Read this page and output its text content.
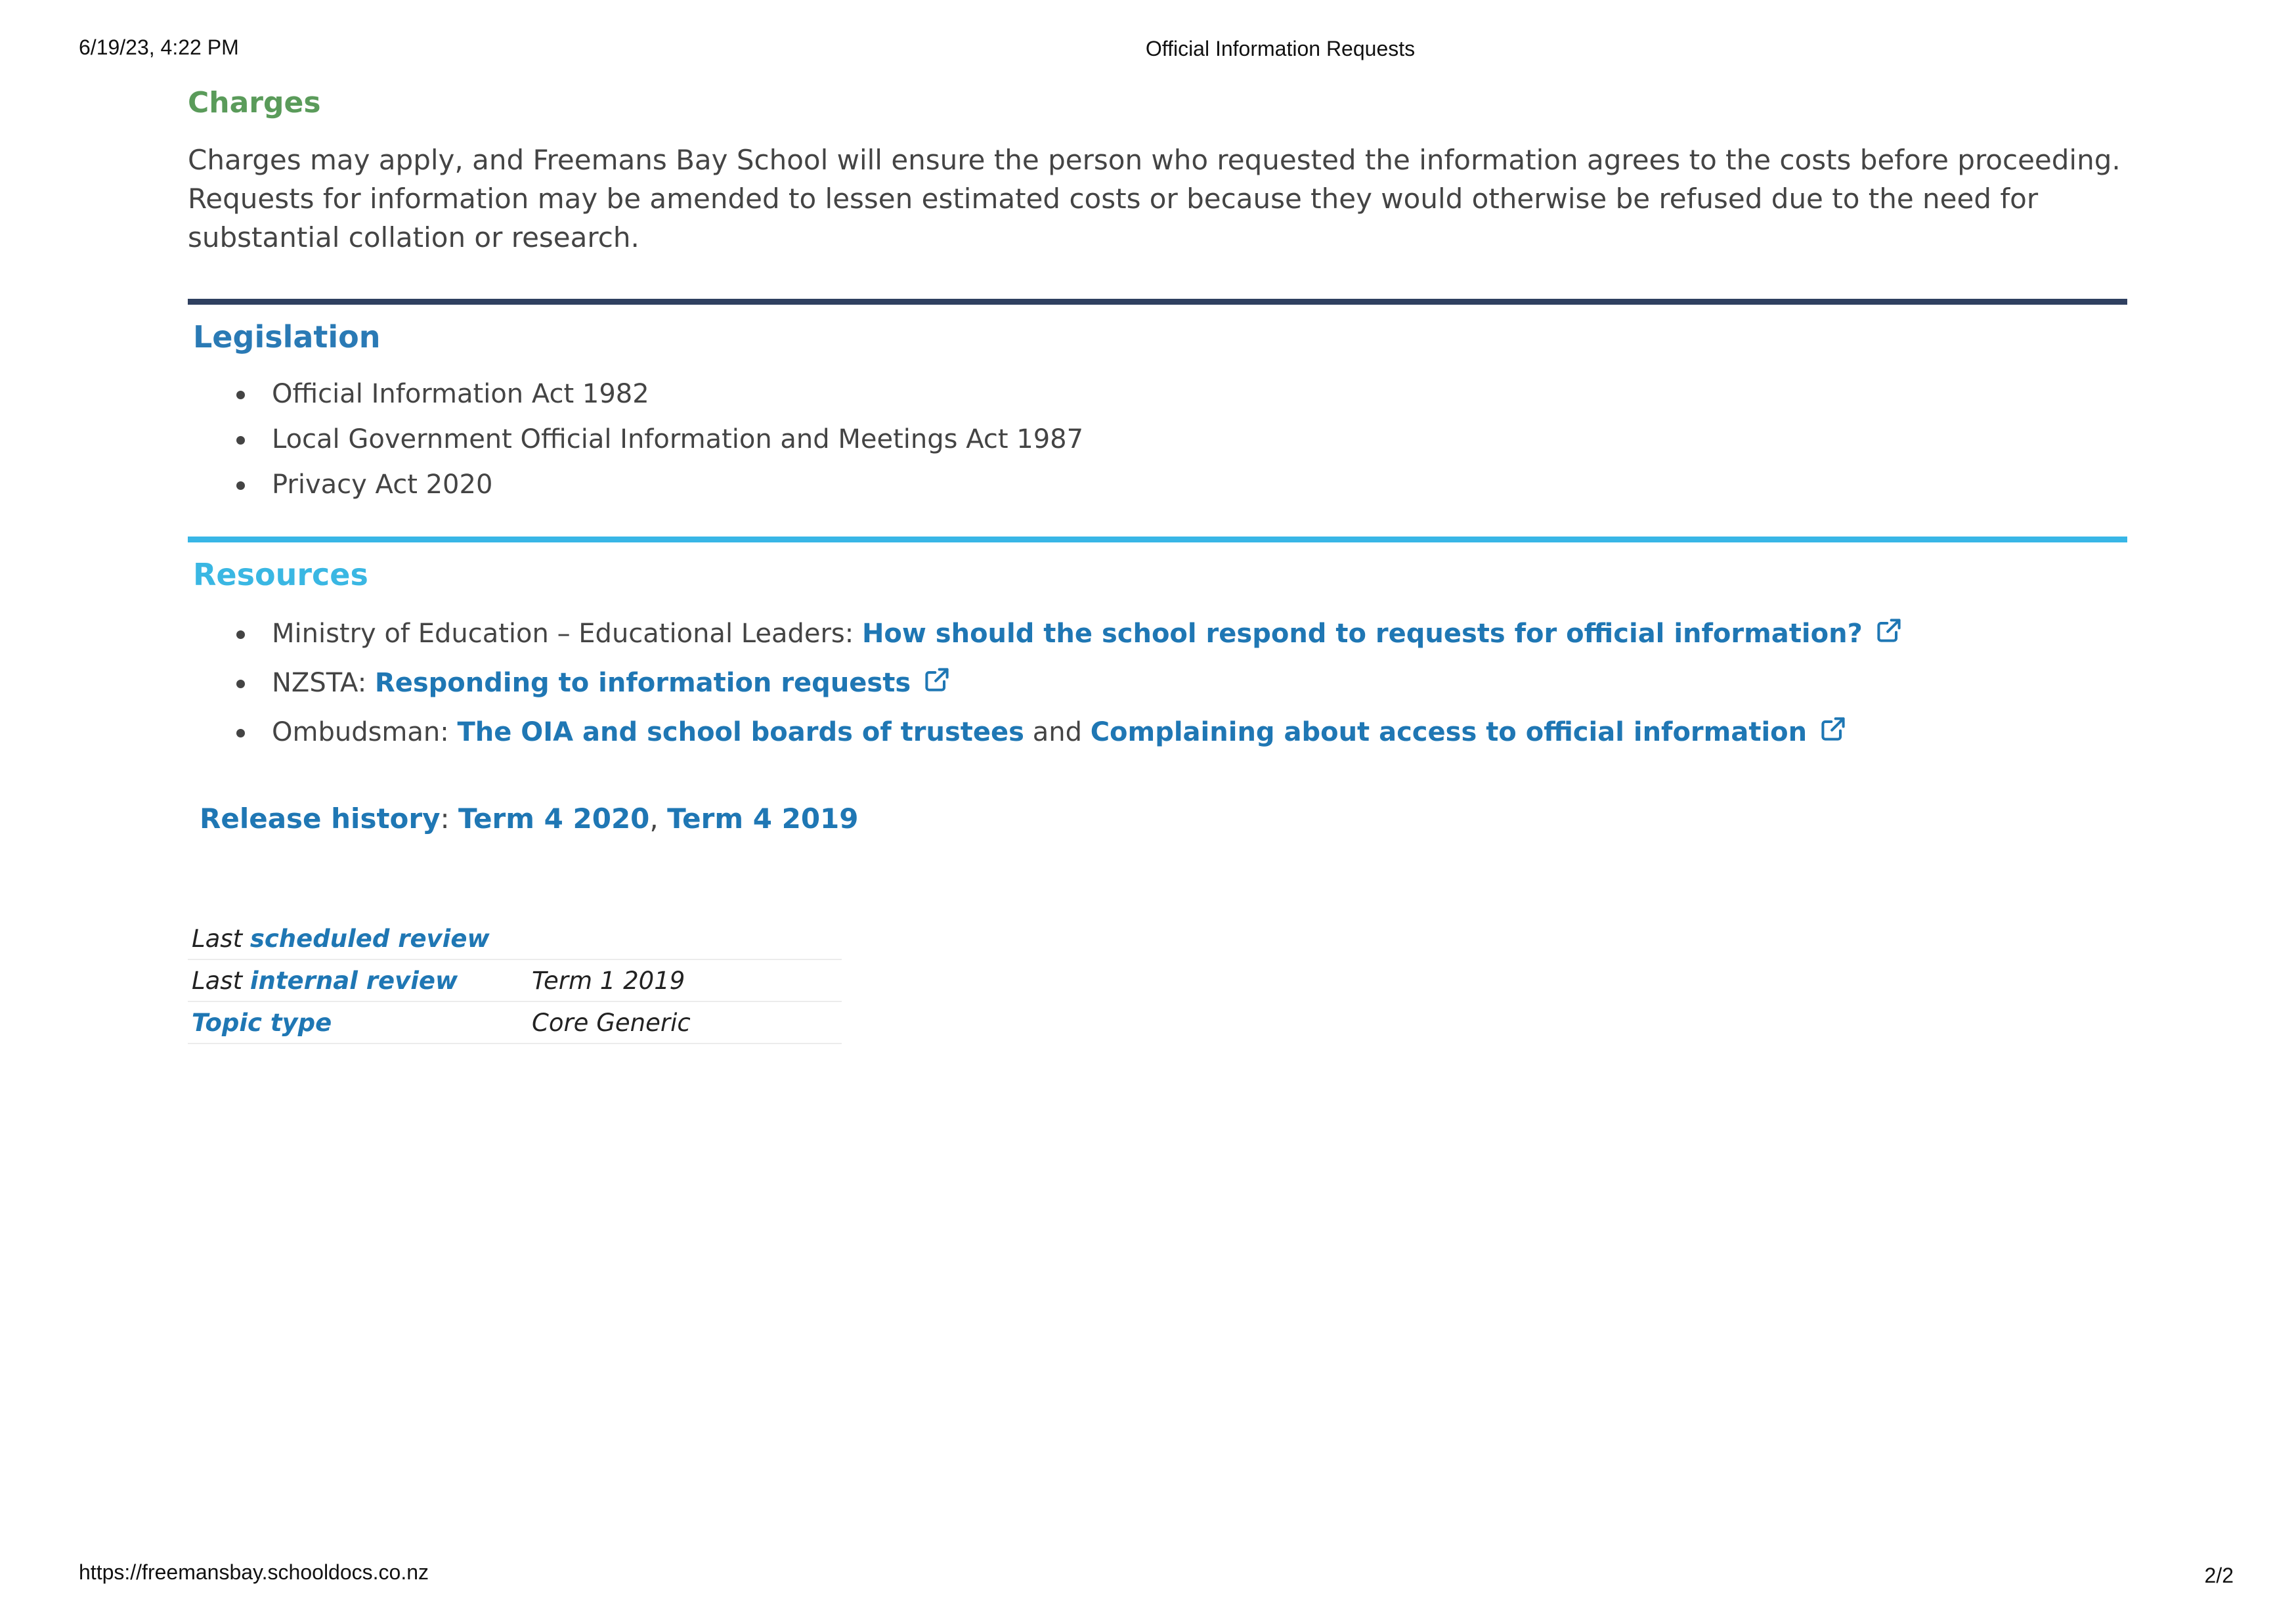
6/19/23, 4:22 PM	Official Information Requests
Charges

Charges may apply, and Freemans Bay School will ensure the person who requested the information agrees to the costs before proceeding. Requests for information may be amended to lessen estimated costs or because they would otherwise be refused due to the need for substantial collation or research.

Legislation
Official Information Act 1982
Local Government Official Information and Meetings Act 1987
Privacy Act 2020
Resources
Ministry of Education – Educational Leaders: How should the school respond to requests for official information?
NZSTA: Responding to information requests
Ombudsman: The OIA and school boards of trustees and Complaining about access to official information
Release history: Term 4 2020, Term 4 2019
Last scheduled review	
Last internal review	Term 1 2019
Topic type	Core Generic
https://freemansbay.schooldocs.co.nz	2/2
